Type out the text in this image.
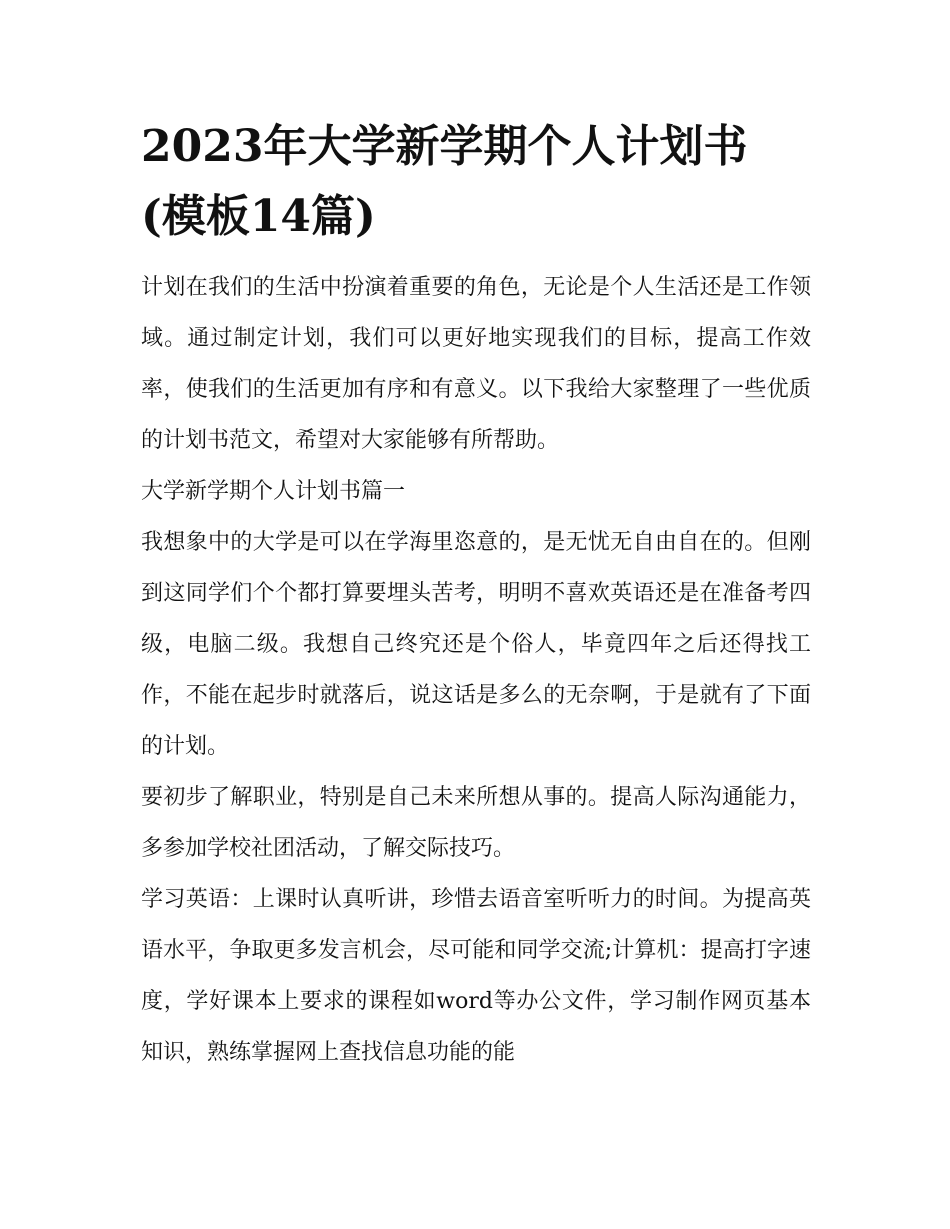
2023年大学新学期个人计划书
(模板14篇)

计划在我们的生活中扮演着重要的角色，无论是个人生活还是工作领域。通过制定计划，我们可以更好地实现我们的目标，提高工作效率，使我们的生活更加有序和有意义。以下我给大家整理了一些优质的计划书范文，希望对大家能够有所帮助。

大学新学期个人计划书篇一

我想象中的大学是可以在学海里恣意的，是无忧无自由自在的。但刚到这同学们个个都打算要埋头苦考，明明不喜欢英语还是在准备考四级，电脑二级。我想自己终究还是个俗人，毕竟四年之后还得找工作，不能在起步时就落后，说这话是多么的无奈啊，于是就有了下面的计划。

要初步了解职业，特别是自己未来所想从事的。提高人际沟通能力，多参加学校社团活动，了解交际技巧。

学习英语：上课时认真听讲，珍惜去语音室听听力的时间。为提高英语水平，争取更多发言机会，尽可能和同学交流;计算机：提高打字速度，学好课本上要求的课程如word等办公文件，学习制作网页基本知识，熟练掌握网上查找信息功能的能
